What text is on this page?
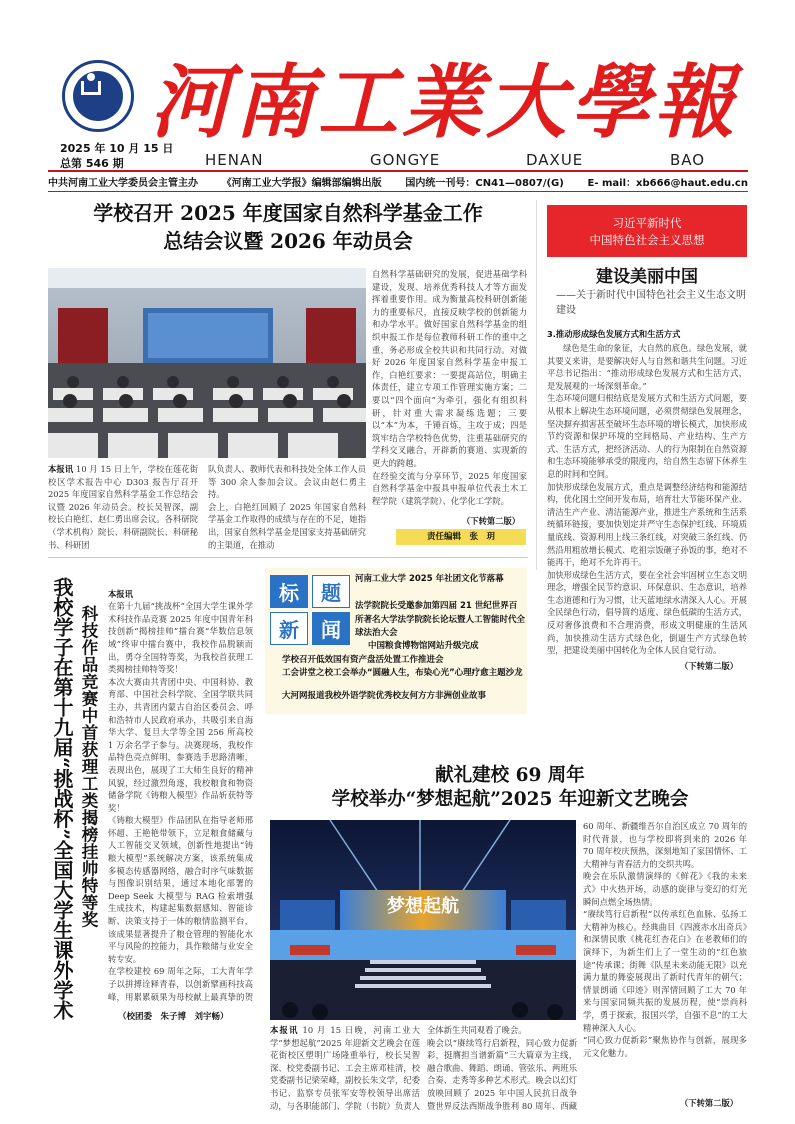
河南工業大學報
2025 年 10 月 15 日
总第 546 期	HENAN	GONGYE	DAXUE	BAO
中共河南工业大学委员会主管主办 《河南工业大学报》编辑部编辑出版 国内统一刊号：CN41—0807/(G) E- mail：xb666@haut.edu.cn
学校召开 2025 年度国家自然科学基金工作
总结会议暨 2026 年动员会
本报讯 10 月 15 日上午，学校在莲花街校区学术报告中心 D303 报告厅召开 2025 年度国家自然科学基金工作总结会议暨 2026 年动员会。校长吴智深，副校长白艳红、赵仁勇出席会议。各科研院（学术机构）院长、科研副院长、科研秘书、科研团
队负责人、教师代表和科技处全体工作人员等 300 余人参加会议。会议由赵仁勇主持。
会上，白艳红回顾了 2025 年国家自然科学基金工作取得的成绩与存在的不足，她指出，国家自然科学基金是国家支持基础研究的主渠道，在推动
自然科学基础研究的发展，促进基础学科建设，发现、培养优秀科技人才等方面发挥着重要作用。成为衡量高校科研创新能力的重要标尺，直接反映学校的创新能力和办学水平。做好国家自然科学基金的组织申报工作是每位教师科研工作的重中之重，务必形成全校共识和共同行动。对做好 2026 年度国家自然科学基金申报工作，白艳红要求：一要提高站位，明确主体责任，建立专项工作管理实施方案；二要以“四个面向”为牵引，强化有组织科研，针对重大需求凝练选题；三要以“本”为本，千锤百炼，主攻于成；四是筑牢结合学校特色优势，注重基础研究的学科交叉融合，开辟新的赛道、实现新的更大的跨越。
在经验交流与分享环节，2025 年度国家自然科学基金中报具申报单位代表土木工程学院（建筑学院）、化学化工学院。
（下转第二版）
责任编辑　张　玥
习近平新时代
中国特色社会主义思想
建设美丽中国
——关于新时代中国特色社会主义生态文明建设
3.推动形成绿色发展方式和生活方式
绿色是生命的象征，大自然的底色。绿色发展，就其要义来讲，是要解决好人与自然和谐共生问题。习近平总书记指出：“推动形成绿色发展方式和生活方式，是发展观的一场深刻革命。”
生态环境问题归根结底是发展方式和生活方式问题，要从根本上解决生态环境问题，必须贯彻绿色发展理念，坚决摒弃损害甚至破坏生态环境的增长模式，加快形成节约资源和保护环境的空间格局、产业结构、生产方式、生活方式，把经济活动、人的行为限制在自然资源和生态环境能够承受的限度内，给自然生态留下休养生息的时间和空间。
加快形成绿色发展方式，重点是调整经济结构和能源结构，优化国土空间开发布局，培育壮大节能环保产业、清洁生产产业、清洁能源产业，推进生产系统和生活系统循环链接，要加快划定并严守生态保护红线、环境质量底线、资源利用上线三条红线，对突破三条红线、仍然沿用粗放增长模式、吃祖宗饭砸子孙饭的事，绝对不能再干，绝对不允许再干。
加快形成绿色生活方式，要在全社会牢固树立生态文明理念，增强全民节约意识、环保意识、生态意识，培养生态道德和行为习惯，让天蓝地绿水清深入人心。开展全民绿色行动，倡导简约适度、绿色低碳的生活方式，反对奢侈浪费和不合理消费，形成文明健康的生活风尚，加快推动生活方式绿色化，倒逼生产方式绿色转型，把建设美丽中国转化为全体人民自觉行动。
（下转第二版）
我校学子在第十九届“挑战杯”全国大学生课外学术 科技作品竞赛中首获理工类揭榜挂帅特等奖

本报讯
在第十九届“挑战杯”全国大学生课外学术科技作品竞赛 2025 年度中国青年科技创新“揭榜挂帅”擂台赛“华数信息领域”终审中擂台赛中，我校作品脱颖而出，勇夺全国特等奖，为我校首获理工类揭榜挂帅特等奖！
本次大赛由共青团中央、中国科协、教育部、中国社会科学院、全国学联共同主办，共青团内蒙古自治区委员会、呼和浩特市人民政府承办，共吸引来自海华大学、复旦大学等全国 256 所高校 1 万余名学子参与。决赛现场，我校作品特色亮点鲜明，参赛选手思路清晰，表现出色，展现了工大师生良好的精神风貌，经过激烈角逐，我校粮食和物资储备学院《铸粮人模型》作品斩获特等奖！
《铸粮大模型》作品团队在指导老师邢怀超、王艳艳带领下，立足粮食储藏与人工智能交叉领域，创新性地提出“铸粮大模型”系统解决方案，该系统集成多模态传感器网络，融合时序气味数据与图像识别结果，通过本地化部署的 Deep Seek 大模型与 RAG 检索增强生成技术，构建起集数据感知、智能诊断、决策支持于一体的粮情监测平台，该成果显著提升了粮仓管理的智能化水平与风险的控能力，具作粮储与业安全转专安。
在学校建校 69 周年之际，工大青年学子以拼搏诠释青春，以创新擘画科技高峰，用累累硕果为母校献上最真挚的贺

（校团委　朱子博　刘宇畅）
标	题
新	闻
河南工业大学 2025 年社团文化节落幕
法学院院长受邀参加第四届 21 世纪世界百所著名大学法学院院长论坛暨人工智能时代全球法治大会
中国粮食博物馆网站升级完成
学校召开低效国有资产盘活处置工作推进会
工会讲堂之校工会举办“圆融人生，布染心光”心理疗愈主题沙龙
大河网报道我校外语学院优秀校友何方方非洲创业故事
献礼建校 69 周年
学校举办“梦想起航”2025 年迎新文艺晚会
梦想起航
本报讯 10 月 15 日晚，河南工业大学“梦想起航”2025 年迎新文艺晚会在莲花街校区塑明广场隆重举行，校长吴智深、校党委副书记、工会主席邓桂清，校党委副书记梁荣峰，副校长朱文学，纪委书记、监察专员张军安等校领导出席活动，与各职能部门、学院（书院）负责人
全体新生共同观看了晚会。
晚会以“赓续笃行启新程，同心致力促新彩，挺膺担当谱新篇”三大篇章为主线，融合歌曲、舞蹈、朗诵、管弦乐、两班乐合奏、走秀等多种艺术形式。晚会以幻灯放映回顾了 2025 年中国人民抗日战争暨世界反法西斯战争胜利 80 周年、西藏
60 周年、新疆维吾尔自治区成立 70 周年的时代背景，也与学校即将到来的 2026 年 70 周年校庆预热，深刻地知了家国情怀、工大精神与青春活力的交织共鸣。
晚会在乐队激情演绎的《鲜花》《我的未来式》中火热开场，动感的旋律与变幻的灯光瞬间点燃全场热情。
“赓续笃行启新程”以传承红色血脉、弘扬工大精神为核心。经典曲目《四渡赤水出奇兵》和深情民歌《桃花红杏花白》在老教师们的演绎下，为新生们上了一堂生动的“红色旅途”传承课；街舞《队星未来动能无限》以充满力量的舞姿展现出了新时代青年的朝气；情景朗诵《印迹》则浑情回顾了工大 70 年来与国家同频共振的发展历程，使“崇尚科学，勇于探索，报国兴学，自强不息”的工大精神深入人心。
“同心致力促新彩”聚焦协作与创新，展现多元文化魅力。
（下转第二版）
